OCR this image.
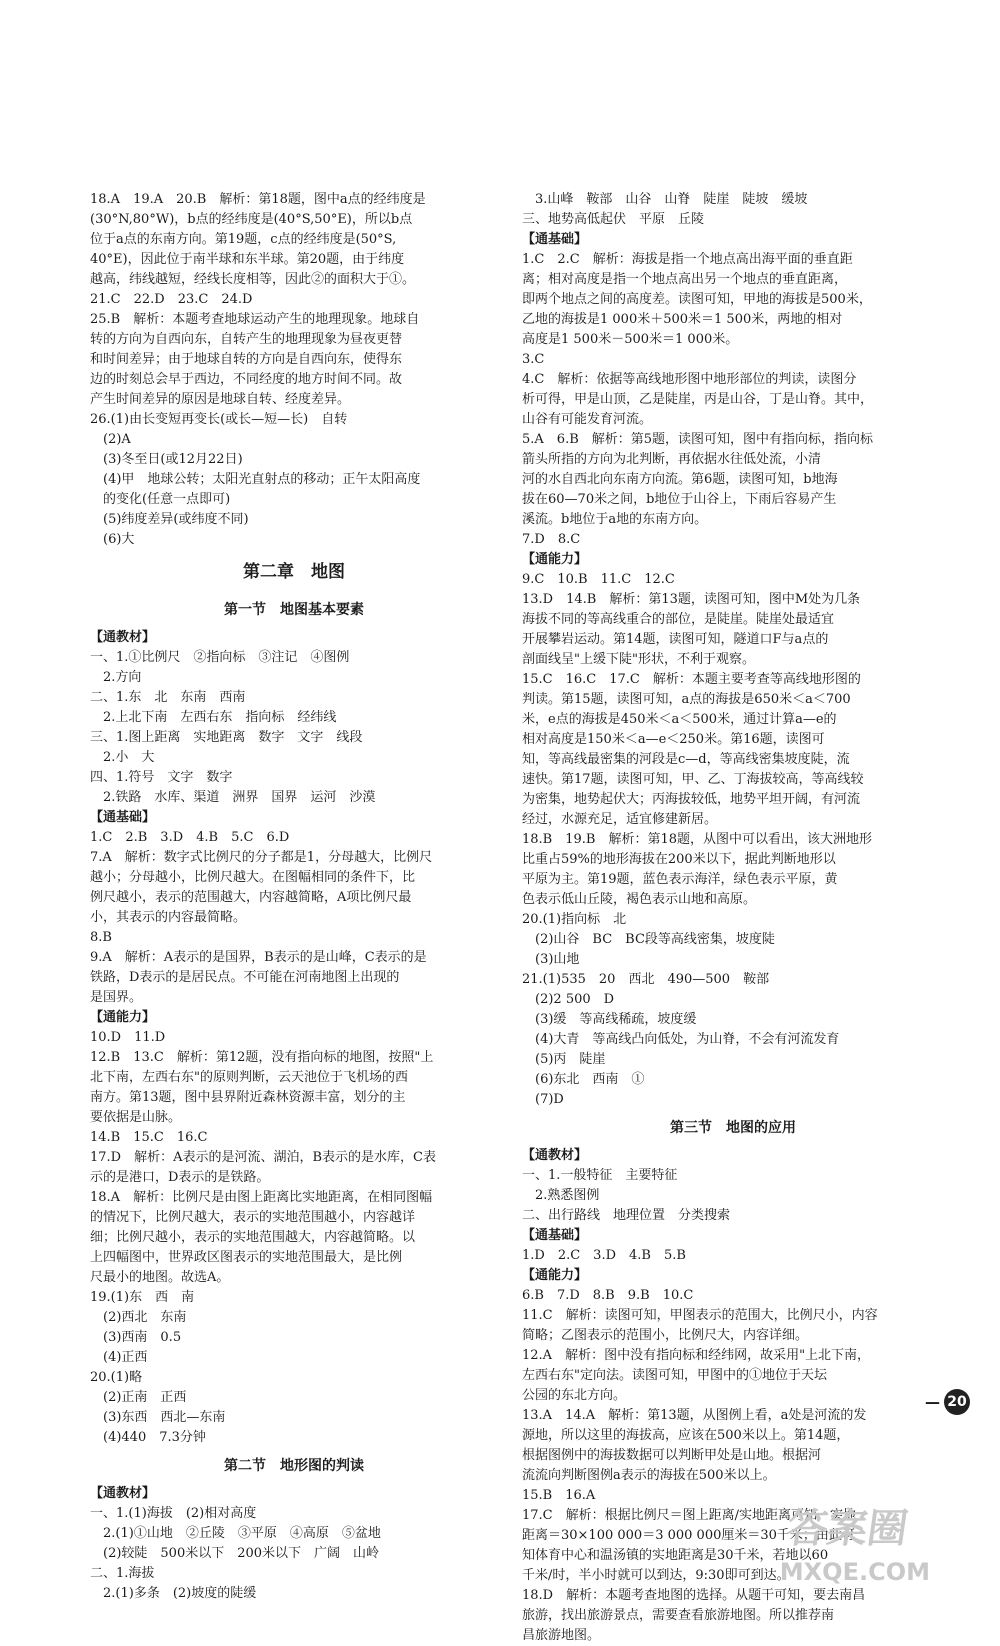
18.A　19.A　20.B　解析：第18题，图中a点的经纬度是
(30°N,80°W)，b点的经纬度是(40°S,50°E)，所以b点
位于a点的东南方向。第19题，c点的经纬度是(50°S,
40°E)，因此位于南半球和东半球。第20题，由于纬度
越高，纬线越短，经线长度相等，因此②的面积大于①。
21.C　22.D　23.C　24.D
25.B　解析：本题考查地球运动产生的地理现象。地球自
转的方向为自西向东，自转产生的地理现象为昼夜更替
和时间差异；由于地球自转的方向是自西向东，使得东
边的时刻总会早于西边，不同经度的地方时间不同。故
产生时间差异的原因是地球自转、经度差异。
26.(1)由长变短再变长(或长—短—长)　自转
　(2)A
　(3)冬至日(或12月22日)
　(4)甲　地球公转；太阳光直射点的移动；正午太阳高度
　的变化(任意一点即可)
　(5)纬度差异(或纬度不同)
　(6)大
第二章　地图
第一节　地图基本要素
【通教材】
一、1.①比例尺　②指向标　③注记　④图例
　2.方向
二、1.东　北　东南　西南
　2.上北下南　左西右东　指向标　经纬线
三、1.图上距离　实地距离　数字　文字　线段
　2.小　大
四、1.符号　文字　数字
　2.铁路　水库、渠道　洲界　国界　运河　沙漠
【通基础】
1.C　2.B　3.D　4.B　5.C　6.D
7.A　解析：数字式比例尺的分子都是1，分母越大，比例尺
越小；分母越小，比例尺越大。在图幅相同的条件下，比
例尺越小，表示的范围越大，内容越简略，A项比例尺最
小，其表示的内容最简略。
8.B
9.A　解析：A表示的是国界，B表示的是山峰，C表示的是
铁路，D表示的是居民点。不可能在河南地图上出现的
是国界。
【通能力】
10.D　11.D
12.B　13.C　解析：第12题，没有指向标的地图，按照"上
北下南，左西右东"的原则判断，云天池位于飞机场的西
南方。第13题，图中县界附近森林资源丰富，划分的主
要依据是山脉。
14.B　15.C　16.C
17.D　解析：A表示的是河流、湖泊，B表示的是水库，C表
示的是港口，D表示的是铁路。
18.A　解析：比例尺是由图上距离比实地距离，在相同图幅
的情况下，比例尺越大，表示的实地范围越小，内容越详
细；比例尺越小，表示的实地范围越大，内容越简略。以
上四幅图中，世界政区图表示的实地范围最大，是比例
尺最小的地图。故选A。
19.(1)东　西　南
　(2)西北　东南
　(3)西南　0.5
　(4)正西
20.(1)略
　(2)正南　正西
　(3)东西　西北—东南
　(4)440　7.3分钟
第二节　地形图的判读
【通教材】
一、1.(1)海拔　(2)相对高度
　2.(1)①山地　②丘陵　③平原　④高原　⑤盆地
　(2)较陡　500米以下　200米以下　广阔　山岭
二、1.海拔
　2.(1)多条　(2)坡度的陡缓
　3.山峰　鞍部　山谷　山脊　陡崖　陡坡　缓坡
三、地势高低起伏　平原　丘陵
【通基础】
1.C　2.C　解析：海拔是指一个地点高出海平面的垂直距
离；相对高度是指一个地点高出另一个地点的垂直距离，
即两个地点之间的高度差。读图可知，甲地的海拔是500米，
乙地的海拔是1 000米＋500米＝1 500米，两地的相对
高度是1 500米－500米＝1 000米。
3.C
4.C　解析：依据等高线地形图中地形部位的判读，读图分
析可得，甲是山顶，乙是陡崖，丙是山谷，丁是山脊。其中，
山谷有可能发育河流。
5.A　6.B　解析：第5题，读图可知，图中有指向标，指向标
箭头所指的方向为北判断，再依据水往低处流，小清
河的水自西北向东南方向流。第6题，读图可知，b地海
拔在60—70米之间，b地位于山谷上，下雨后容易产生
溪流。b地位于a地的东南方向。
7.D　8.C
【通能力】
9.C　10.B　11.C　12.C
13.D　14.B　解析：第13题，读图可知，图中M处为几条
海拔不同的等高线重合的部位，是陡崖。陡崖处最适宜
开展攀岩运动。第14题，读图可知，隧道口F与a点的
剖面线呈"上缓下陡"形状，不利于观察。
15.C　16.C　17.C　解析：本题主要考查等高线地形图的
判读。第15题，读图可知，a点的海拔是650米＜a＜700
米，e点的海拔是450米＜a＜500米，通过计算a—e的
相对高度是150米＜a—e＜250米。第16题，读图可
知，等高线最密集的河段是c—d，等高线密集坡度陡，流
速快。第17题，读图可知，甲、乙、丁海拔较高，等高线较
为密集，地势起伏大；丙海拔较低，地势平坦开阔，有河流
经过，水源充足，适宜修建新居。
18.B　19.B　解析：第18题，从图中可以看出，该大洲地形
比重占59%的地形海拔在200米以下，据此判断地形以
平原为主。第19题，蓝色表示海洋，绿色表示平原，黄
色表示低山丘陵，褐色表示山地和高原。
20.(1)指向标　北
　(2)山谷　BC　BC段等高线密集，坡度陡
　(3)山地
21.(1)535　20　西北　490—500　鞍部
　(2)2 500　D
　(3)缓　等高线稀疏，坡度缓
　(4)大青　等高线凸向低处，为山脊，不会有河流发育
　(5)丙　陡崖
　(6)东北　西南　①
　(7)D
第三节　地图的应用
【通教材】
一、1.一般特征　主要特征
　2.熟悉图例
二、出行路线　地理位置　分类搜索
【通基础】
1.D　2.C　3.D　4.B　5.B
【通能力】
6.B　7.D　8.B　9.B　10.C
11.C　解析：读图可知，甲图表示的范围大，比例尺小，内容
简略；乙图表示的范围小，比例尺大，内容详细。
12.A　解析：图中没有指向标和经纬网，故采用"上北下南，
左西右东"定向法。读图可知，甲图中的①地位于天坛
公园的东北方向。
13.A　14.A　解析：第13题，从图例上看，a处是河流的发
源地，所以这里的海拔高，应该在500米以上。第14题，
根据图例中的海拔数据可以判断甲处是山地。根据河
流流向判断图例a表示的海拔在500米以上。
15.B　16.A
17.C　解析：根据比例尺＝图上距离/实地距离可知，实地
距离＝30×100 000＝3 000 000厘米＝30千米；由此可
知体育中心和温汤镇的实地距离是30千米，若地以60
千米/时，半小时就可以到达，9:30即可到达。
18.D　解析：本题考查地图的选择。从题干可知，要去南昌
旅游，找出旅游景点，需要查看旅游地图。所以推荐南
昌旅游地图。
— 20
答案圈
MXQE.COM
